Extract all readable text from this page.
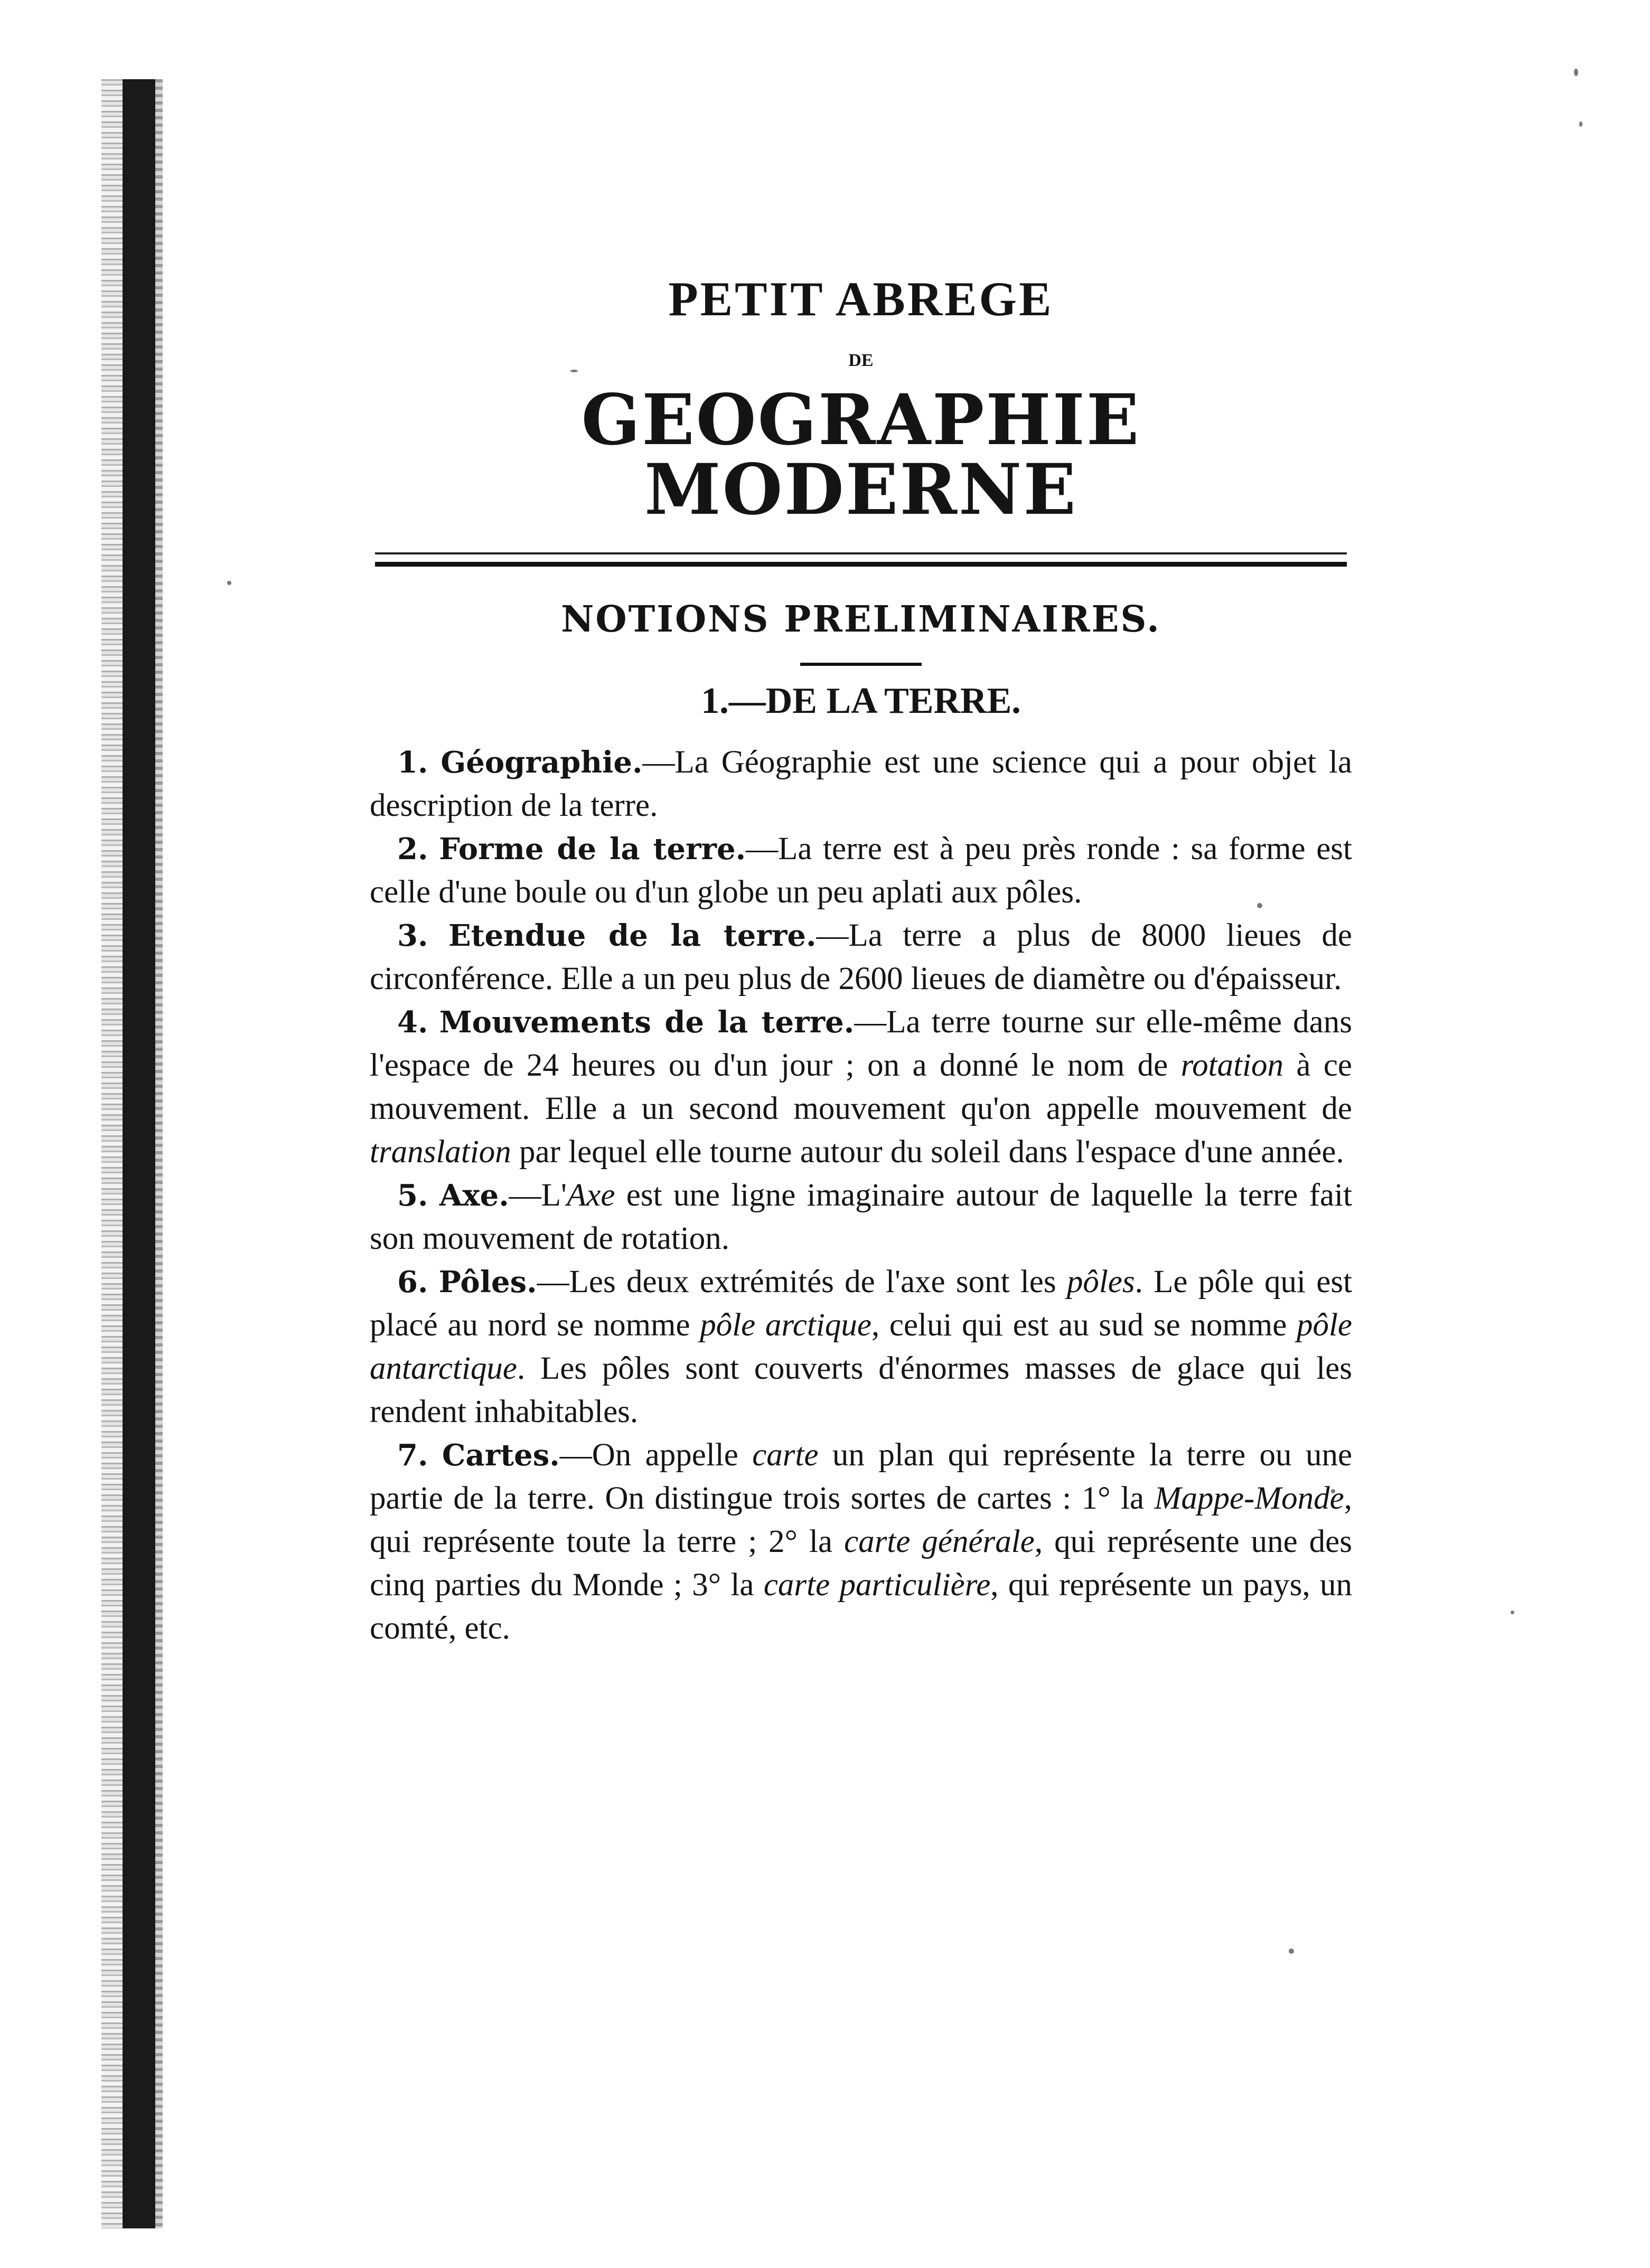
PETIT ABREGE
DE
GEOGRAPHIE MODERNE
NOTIONS PRELIMINAIRES.
1.—DE LA TERRE.

1. Géographie.—La Géographie est une science qui a pour objet la description de la terre.

2. Forme de la terre.—La terre est à peu près ronde : sa forme est celle d'une boule ou d'un globe un peu aplati aux pôles.

3. Etendue de la terre.—La terre a plus de 8000 lieues de circonférence. Elle a un peu plus de 2600 lieues de diamètre ou d'épaisseur.

4. Mouvements de la terre.—La terre tourne sur elle-même dans l'espace de 24 heures ou d'un jour ; on a donné le nom de rotation à ce mouvement. Elle a un second mouvement qu'on appelle mouvement de translation par lequel elle tourne autour du soleil dans l'espace d'une année.

5. Axe.—L'Axe est une ligne imaginaire autour de laquelle la terre fait son mouvement de rotation.

6. Pôles.—Les deux extrémités de l'axe sont les pôles. Le pôle qui est placé au nord se nomme pôle arctique, celui qui est au sud se nomme pôle antarctique. Les pôles sont couverts d'énormes masses de glace qui les rendent inhabitables.

7. Cartes.—On appelle carte un plan qui représente la terre ou une partie de la terre. On distingue trois sortes de cartes : 1° la Mappe-Monde, qui représente toute la terre ; 2° la carte générale, qui représente une des cinq parties du Monde ; 3° la carte particulière, qui représente un pays, un comté, etc.
